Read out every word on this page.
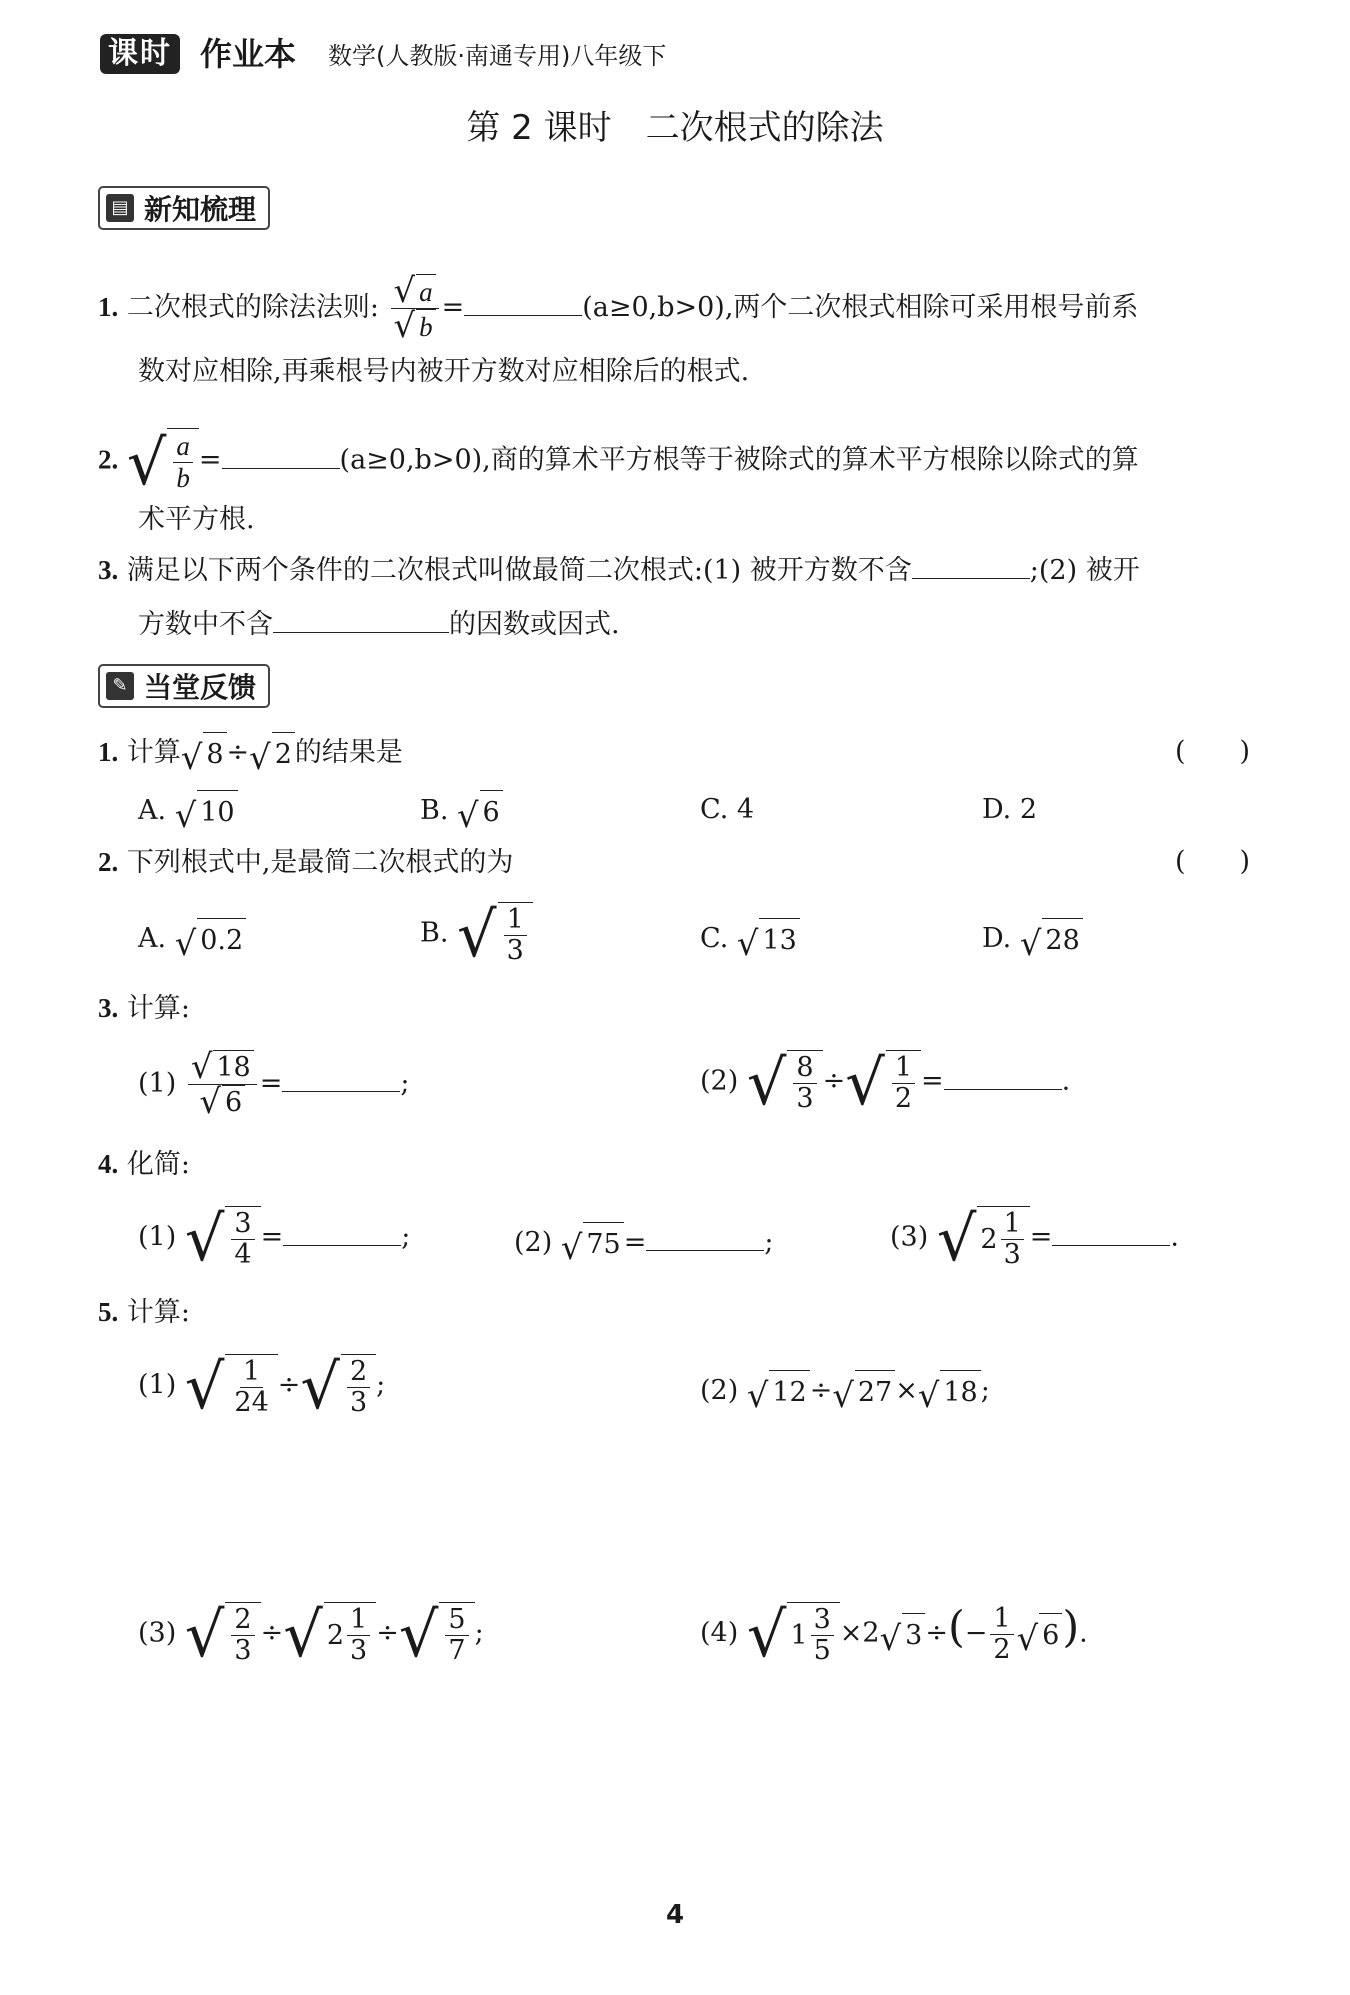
课时 作业本 数学(人教版·南通专用)八年级下
第 2 课时　二次根式的除法
▤ 新知梳理
1. 二次根式的除法法则: $\frac{√ a}{√ b}$ =	(a≥0,b>0),两个二次根式相除可采用根号前系
数对应相除,再乘根号内被开方数对应相除后的根式.
2. √ $\frac{a}{b}$ =	(a≥0,b>0),商的算术平方根等于被除式的算术平方根除以除式的算
术平方根.
3. 满足以下两个条件的二次根式叫做最简二次根式:(1) 被开方数不含	;(2) 被开
方数中不含	的因数或因式.
✎ 当堂反馈
1. 计算 √ 8 ÷ √ 2 的结果是	(　　)
A. √ 10	B. √ 6	C. 4	D. 2
2. 下列根式中,是最简二次根式的为	(　　)
A. √ 0.2	B. √ $\frac{1}{3}$	C. √ 13	D. √ 28
3. 计算:
$(1) \frac{√ 18}{√ 6}$ =	;	(2) √ $\frac{8}{3}$ ÷ √ $\frac{1}{2}$ =	.
4. 化简:
(1) √ $\frac{3}{4}$ =	;	(2) √ 75 =	;	(3) √ $2 \frac{1}{3}$ =	.
5. 计算:
(1) √ $\frac{1}{24}$ ÷ √ $\frac{2}{3}$ ;	(2) √ 12 ÷ √ 27 × √ 18 ;
(3) √ $\frac{2}{3}$ ÷ √ $2 \frac{1}{3}$ ÷ √ $\frac{5}{7}$ ;	(4) √ $1 \frac{3}{5} \times 2$ √ 3 ÷(− $\frac{1}{2}$ √ 6 ).
4
